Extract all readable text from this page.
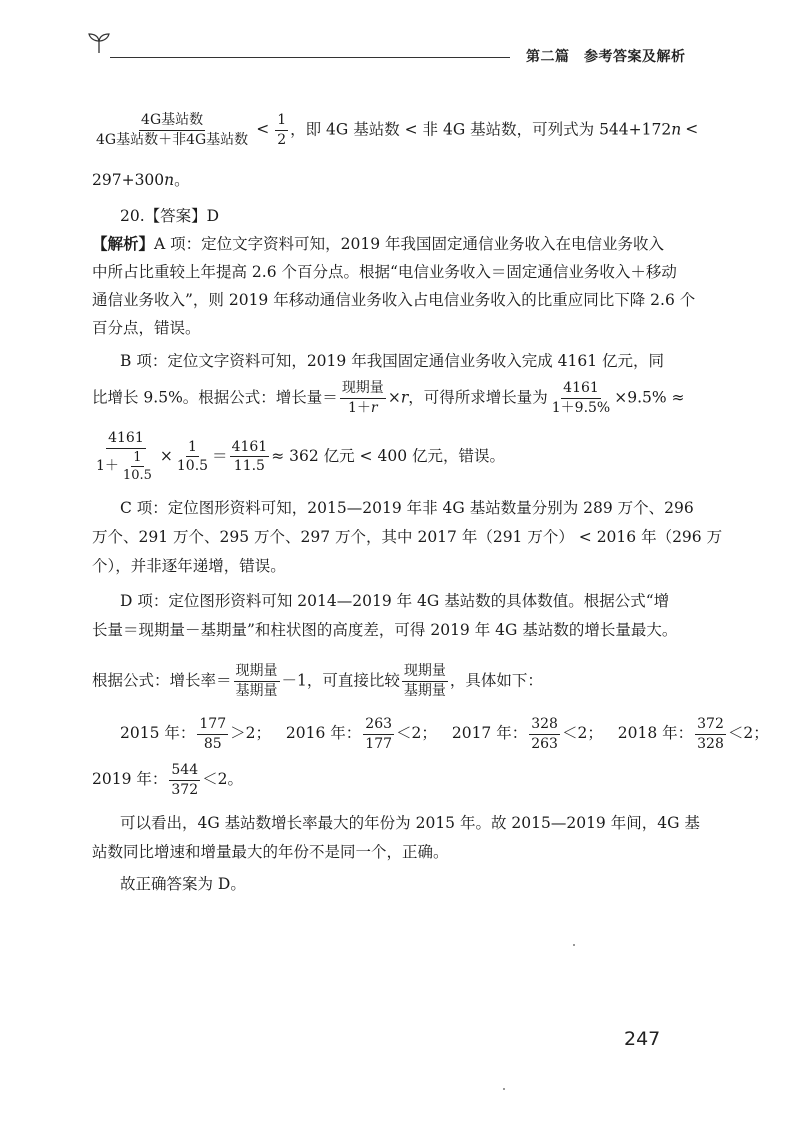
第二篇　参考答案及解析
$\frac{\text{4G基站数}}{\text{4G基站数＋非4G基站数}} < \frac{1}{2}$ ，即 4G 基站数 < 非 4G 基站数，可列式为 544+172n <
297+300n。
20.【答案】D
【解析】A 项：定位文字资料可知，2019 年我国固定通信业务收入在电信业务收入
中所占比重较上年提高 2.6 个百分点。根据“电信业务收入＝固定通信业务收入＋移动
通信业务收入”，则 2019 年移动通信业务收入占电信业务收入的比重应同比下降 2.6 个
百分点，错误。
B 项：定位文字资料可知，2019 年我国固定通信业务收入完成 4161 亿元，同
比增长 9.5%。根据公式：增长量＝ $\frac{\text{现期量}}{1+r} \times r$，可得所求增长量为 $\frac{4161}{1+9.5\%} \times 9.5\%$ ≈
$\frac{4161}{1+ \frac{1}{10.5}} \times \frac{1}{10.5} = \frac{4161}{11.5} \approx 362$ 亿元 < 400 亿元，错误。
C 项：定位图形资料可知，2015—2019 年非 4G 基站数量分别为 289 万个、296
万个、291 万个、295 万个、297 万个，其中 2017 年（291 万个） < 2016 年（296 万
个），并非逐年递增，错误。
D 项：定位图形资料可知 2014—2019 年 4G 基站数的具体数值。根据公式“增
长量＝现期量－基期量”和柱状图的高度差，可得 2019 年 4G 基站数的增长量最大。
根据公式：增长率＝ $\frac{\text{现期量}}{\text{基期量}} -1$，可直接比较 $\frac{\text{现期量}}{\text{基期量}}$ ，具体如下：
2015 年： $\frac{177}{85} >2$； 2016 年： $\frac{263}{177} <2$； 2017 年： $\frac{328}{263} <2$； 2018 年： $\frac{372}{328} <2$；
2019 年： $\frac{544}{372} <2$。
可以看出，4G 基站数增长率最大的年份为 2015 年。故 2015—2019 年间，4G 基
站数同比增速和增量最大的年份不是同一个，正确。
故正确答案为 D。
247
